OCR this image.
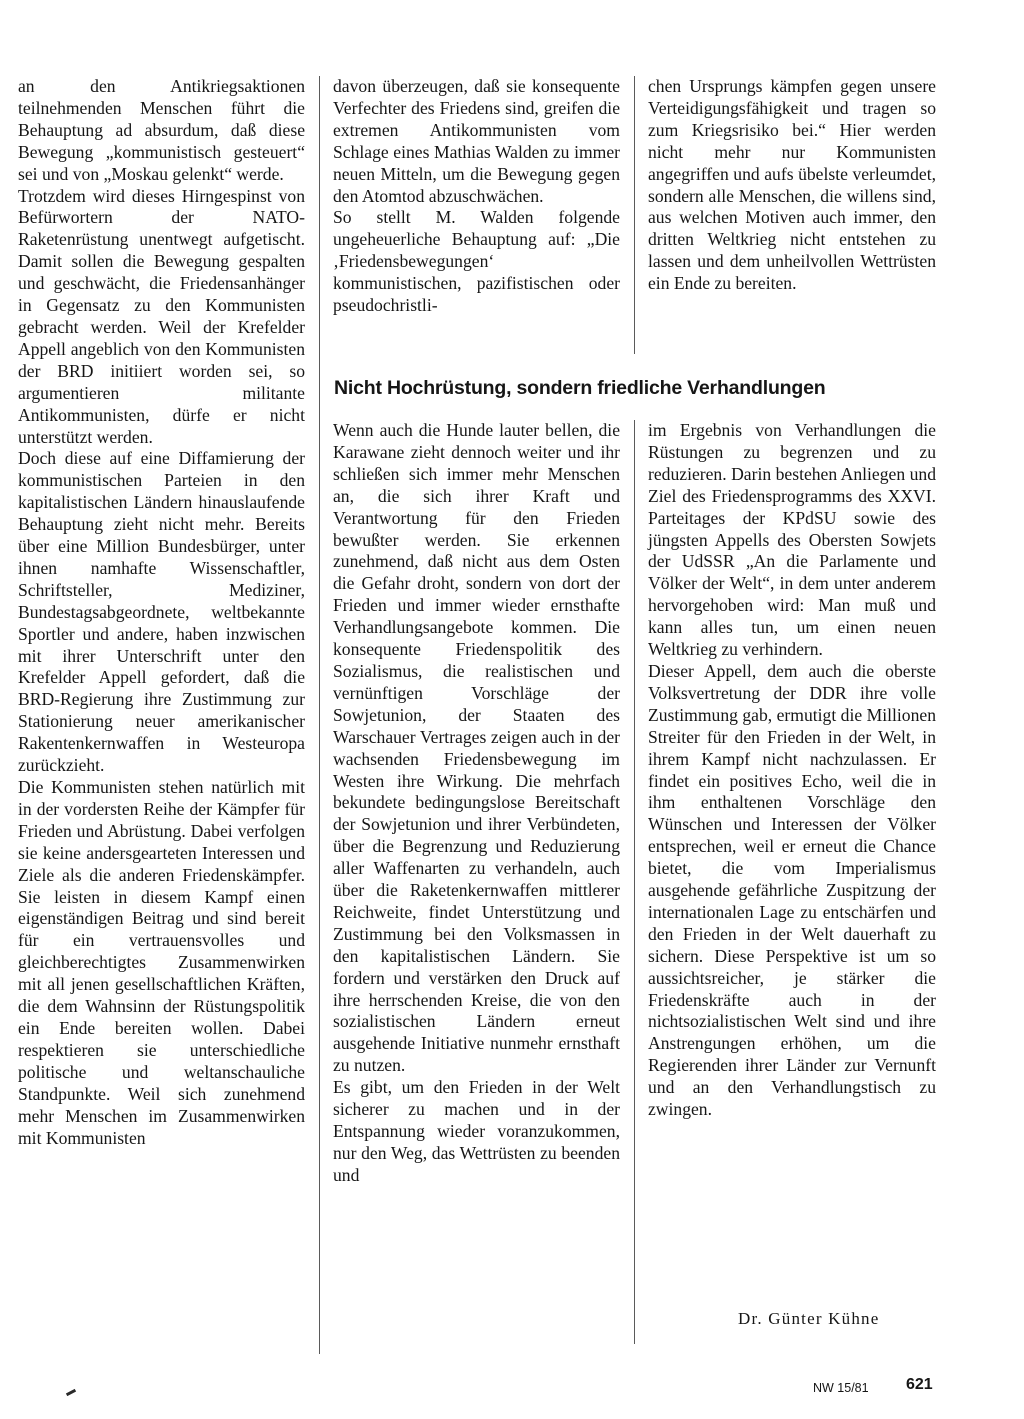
an den Antikriegsaktionen teilnehmenden Menschen führt die Behauptung ad absurdum, daß diese Bewegung „kommunistisch gesteuert“ sei und von „Moskau gelenkt“ werde.

Trotzdem wird dieses Hirngespinst von Befürwortern der NATO-Raketenrüstung unentwegt aufgetischt. Damit sollen die Bewegung gespalten und geschwächt, die Friedensanhänger in Gegensatz zu den Kommunisten gebracht werden. Weil der Krefelder Appell angeblich von den Kommunisten der BRD initiiert worden sei, so argumentieren militante Antikommunisten, dürfe er nicht unterstützt werden.

Doch diese auf eine Diffamierung der kommunistischen Parteien in den kapitalistischen Ländern hinauslaufende Behauptung zieht nicht mehr. Bereits über eine Million Bundesbürger, unter ihnen namhafte Wissenschaftler, Schriftsteller, Mediziner, Bundestagsabgeordnete, weltbekannte Sportler und andere, haben inzwischen mit ihrer Unterschrift unter den Krefelder Appell gefordert, daß die BRD-Regierung ihre Zustimmung zur Stationierung neuer amerikanischer Rakentenkernwaffen in Westeuropa zurückzieht.

Die Kommunisten stehen natürlich mit in der vordersten Reihe der Kämpfer für Frieden und Abrüstung. Dabei verfolgen sie keine andersgearteten Interessen und Ziele als die anderen Friedenskämpfer. Sie leisten in diesem Kampf einen eigenständigen Beitrag und sind bereit für ein vertrauensvolles und gleichberechtigtes Zusammenwirken mit all jenen gesellschaftlichen Kräften, die dem Wahnsinn der Rüstungspolitik ein Ende bereiten wollen. Dabei respektieren sie unterschiedliche politische und weltanschauliche Standpunkte. Weil sich zunehmend mehr Menschen im Zusammenwirken mit Kommunisten

davon überzeugen, daß sie konsequente Verfechter des Friedens sind, greifen die extremen Antikommunisten vom Schlage eines Mathias Walden zu immer neuen Mitteln, um die Bewegung gegen den Atomtod abzuschwächen.

So stellt M. Walden folgende ungeheuerliche Behauptung auf: „Die ‚Friedensbewegungen‘ kommunistischen, pazifistischen oder pseudochristli-

chen Ursprungs kämpfen gegen unsere Verteidigungsfähigkeit und tragen so zum Kriegsrisiko bei.“ Hier werden nicht mehr nur Kommunisten angegriffen und aufs übelste verleumdet, sondern alle Menschen, die willens sind, aus welchen Motiven auch immer, den dritten Weltkrieg nicht entstehen zu lassen und dem unheilvollen Wettrüsten ein Ende zu bereiten.

Nicht Hochrüstung, sondern friedliche Verhandlungen

Wenn auch die Hunde lauter bellen, die Karawane zieht dennoch weiter und ihr schließen sich immer mehr Menschen an, die sich ihrer Kraft und Verantwortung für den Frieden bewußter werden. Sie erkennen zunehmend, daß nicht aus dem Osten die Gefahr droht, sondern von dort der Frieden und immer wieder ernsthafte Verhandlungsangebote kommen. Die konsequente Friedenspolitik des Sozialismus, die realistischen und vernünftigen Vorschläge der Sowjetunion, der Staaten des Warschauer Vertrages zeigen auch in der wachsenden Friedensbewegung im Westen ihre Wirkung. Die mehrfach bekundete bedingungslose Bereitschaft der Sowjetunion und ihrer Verbündeten, über die Begrenzung und Reduzierung aller Waffenarten zu verhandeln, auch über die Raketenkernwaffen mittlerer Reichweite, findet Unterstützung und Zustimmung bei den Volksmassen in den kapitalistischen Ländern. Sie fordern und verstärken den Druck auf ihre herrschenden Kreise, die von den sozialistischen Ländern erneut ausgehende Initiative nunmehr ernsthaft zu nutzen.

Es gibt, um den Frieden in der Welt sicherer zu machen und in der Entspannung wieder voranzukommen, nur den Weg, das Wettrüsten zu beenden und

im Ergebnis von Verhandlungen die Rüstungen zu begrenzen und zu reduzieren. Darin bestehen Anliegen und Ziel des Friedensprogramms des XXVI. Parteitages der KPdSU sowie des jüngsten Appells des Obersten Sowjets der UdSSR „An die Parlamente und Völker der Welt“, in dem unter anderem hervorgehoben wird: Man muß und kann alles tun, um einen neuen Weltkrieg zu verhindern.

Dieser Appell, dem auch die oberste Volksvertretung der DDR ihre volle Zustimmung gab, ermutigt die Millionen Streiter für den Frieden in der Welt, in ihrem Kampf nicht nachzulassen. Er findet ein positives Echo, weil die in ihm enthaltenen Vorschläge den Wünschen und Interessen der Völker entsprechen, weil er erneut die Chance bietet, die vom Imperialismus ausgehende gefährliche Zuspitzung der internationalen Lage zu entschärfen und den Frieden in der Welt dauerhaft zu sichern. Diese Perspektive ist um so aussichtsreicher, je stärker die Friedenskräfte auch in der nichtsozialistischen Welt sind und ihre Anstrengungen erhöhen, um die Regierenden ihrer Länder zur Vernunft und an den Verhandlungstisch zu zwingen.

Dr. Günter Kühne
NW 15/81 621
